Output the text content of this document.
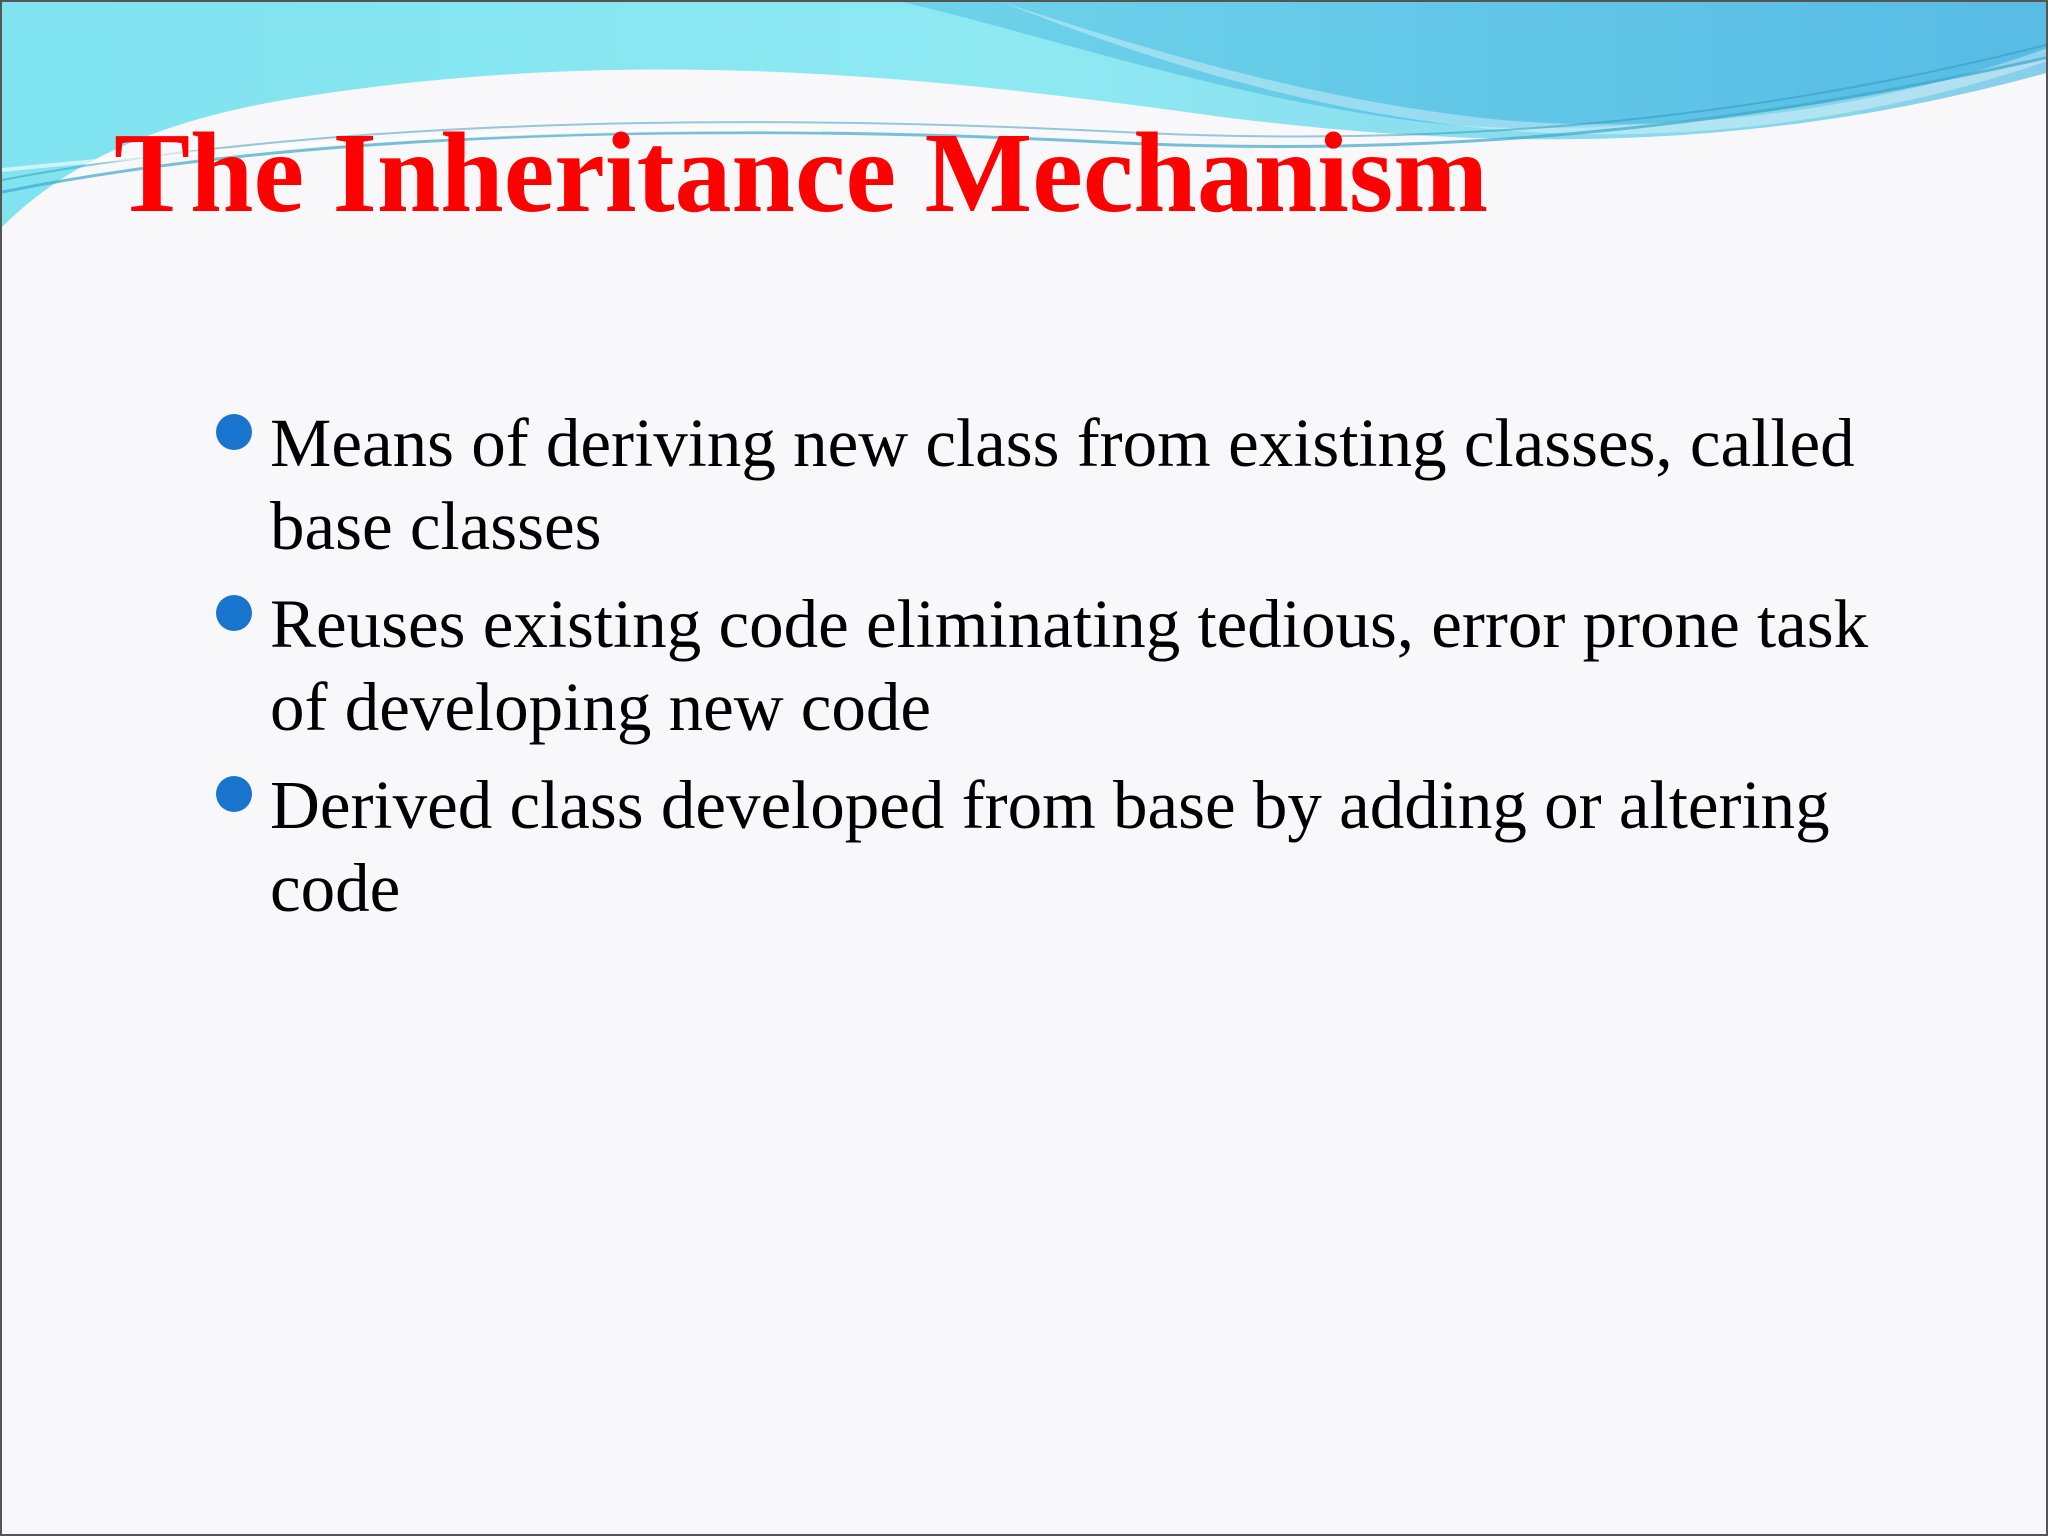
The Inheritance Mechanism
Means of deriving new class from existing classes, called base classes
Reuses existing code eliminating tedious, error prone task of developing new code
Derived class developed from base by adding or altering code
